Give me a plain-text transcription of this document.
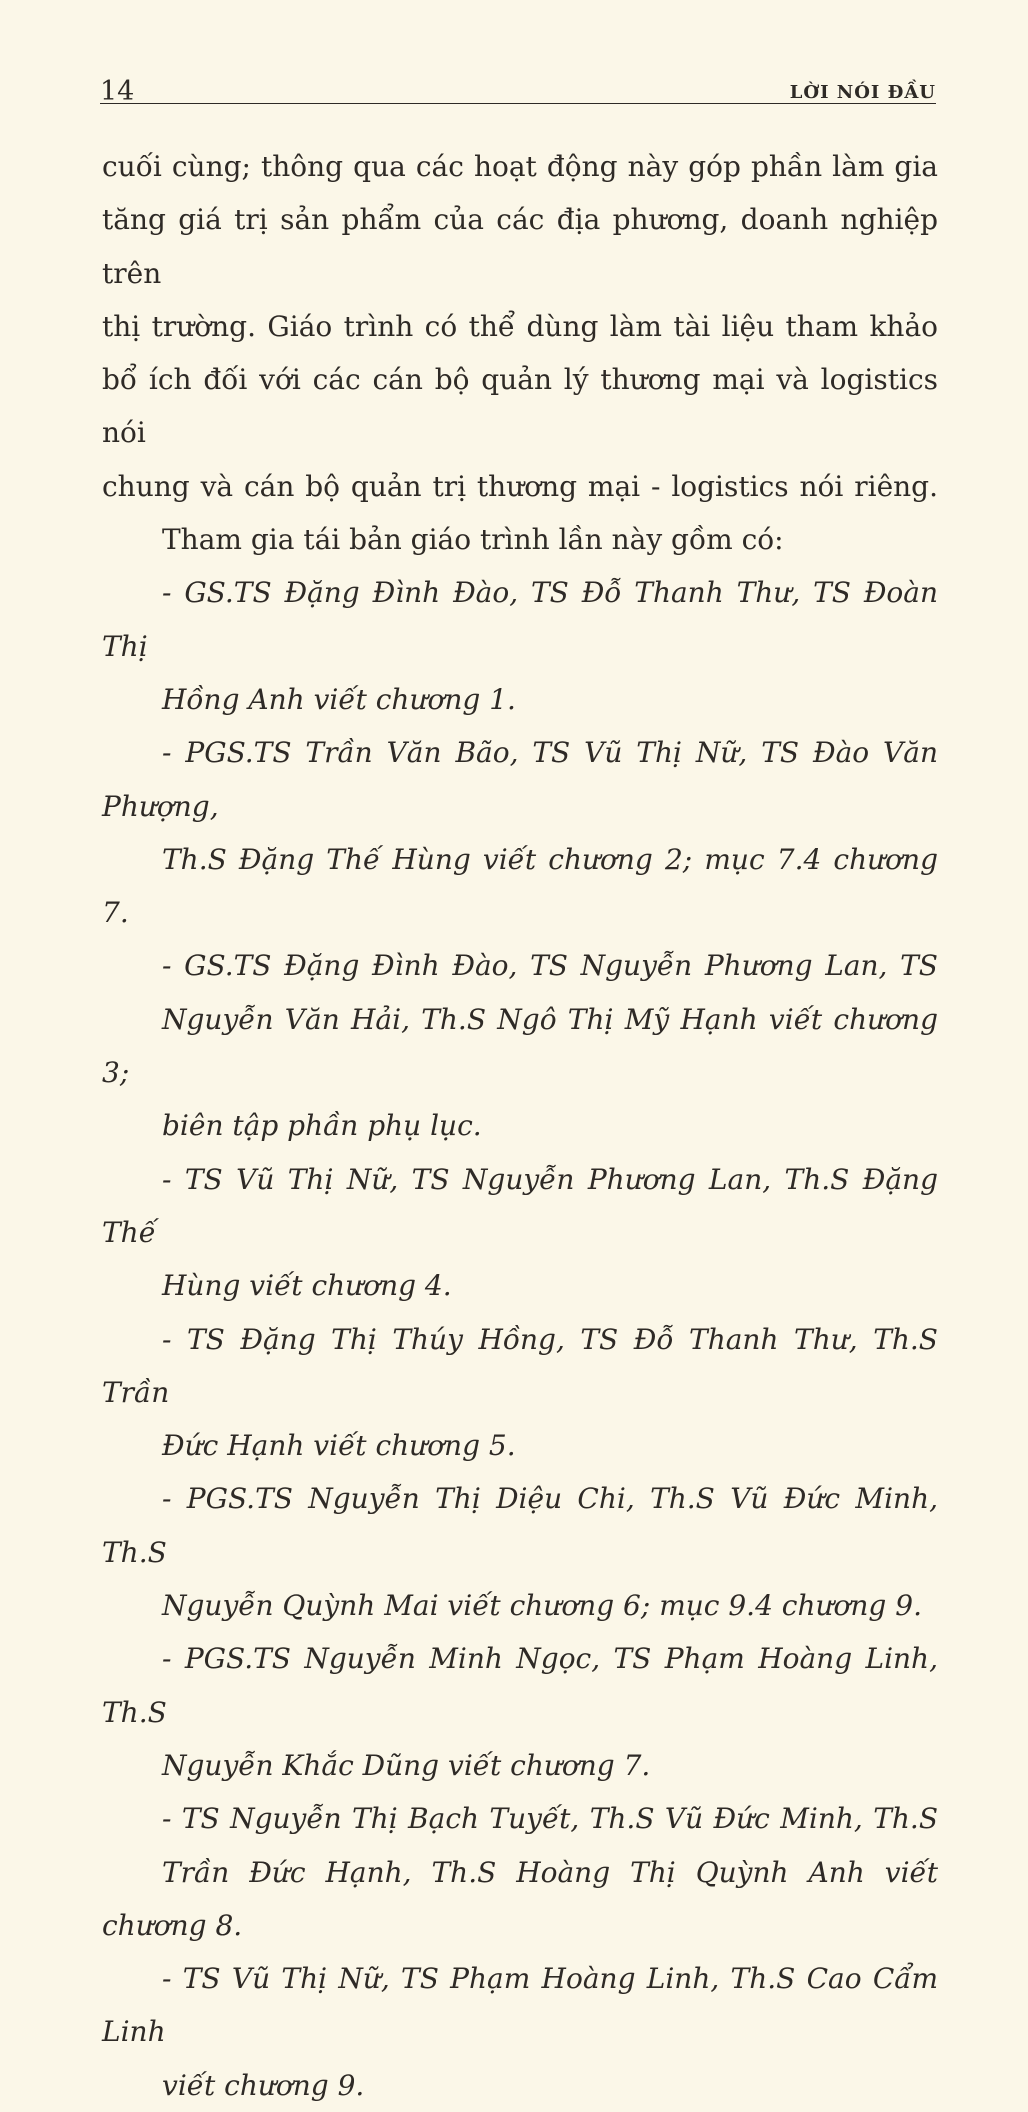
14	LỜI NÓI ĐẦU
cuối cùng; thông qua các hoạt động này góp phần làm gia
tăng giá trị sản phẩm của các địa phương, doanh nghiệp trên
thị trường. Giáo trình có thể dùng làm tài liệu tham khảo
bổ ích đối với các cán bộ quản lý thương mại và logistics nói
chung và cán bộ quản trị thương mại - logistics nói riêng.

Tham gia tái bản giáo trình lần này gồm có:

- GS.TS Đặng Đình Đào, TS Đỗ Thanh Thư, TS Đoàn Thị
Hồng Anh viết chương 1.

- PGS.TS Trần Văn Bão, TS Vũ Thị Nữ, TS Đào Văn Phượng,
Th.S Đặng Thế Hùng viết chương 2; mục 7.4 chương 7.

- GS.TS Đặng Đình Đào, TS Nguyễn Phương Lan, TS
Nguyễn Văn Hải, Th.S Ngô Thị Mỹ Hạnh viết chương 3;
biên tập phần phụ lục.

- TS Vũ Thị Nữ, TS Nguyễn Phương Lan, Th.S Đặng Thế
Hùng viết chương 4.

- TS Đặng Thị Thúy Hồng, TS Đỗ Thanh Thư, Th.S Trần
Đức Hạnh viết chương 5.

- PGS.TS Nguyễn Thị Diệu Chi, Th.S Vũ Đức Minh, Th.S
Nguyễn Quỳnh Mai viết chương 6; mục 9.4 chương 9.

- PGS.TS Nguyễn Minh Ngọc, TS Phạm Hoàng Linh, Th.S
Nguyễn Khắc Dũng viết chương 7.

- TS Nguyễn Thị Bạch Tuyết, Th.S Vũ Đức Minh, Th.S
Trần Đức Hạnh, Th.S Hoàng Thị Quỳnh Anh viết chương 8.

- TS Vũ Thị Nữ, TS Phạm Hoàng Linh, Th.S Cao Cẩm Linh
viết chương 9.
